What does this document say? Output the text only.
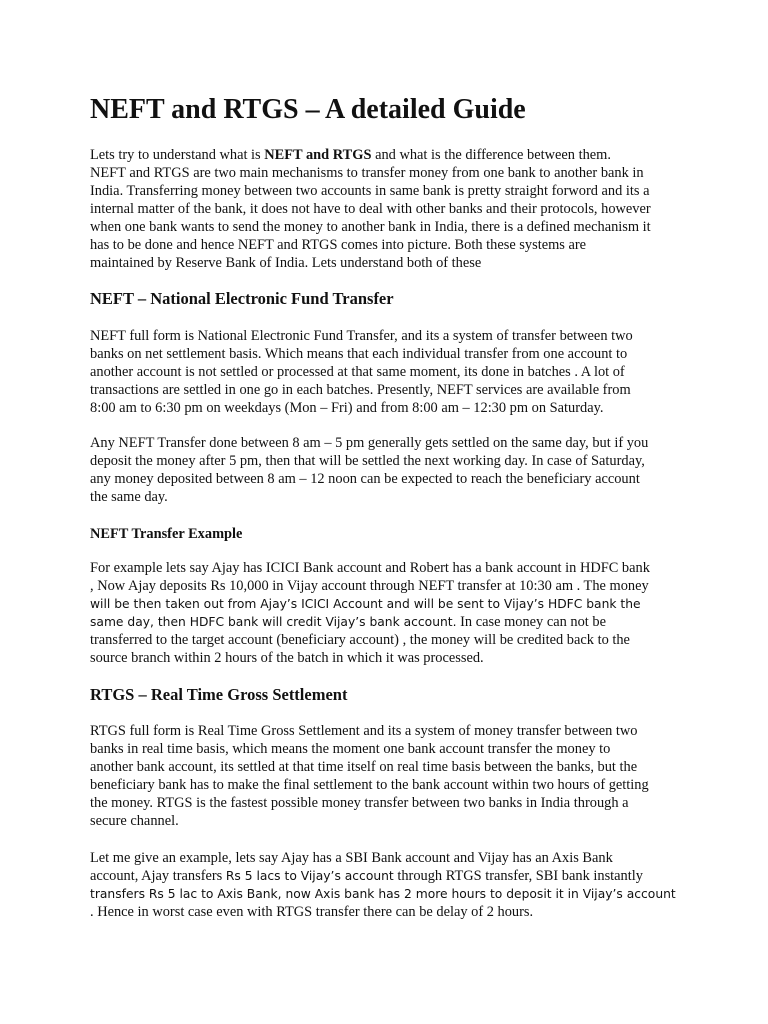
NEFT and RTGS – A detailed Guide
Lets try to understand what is NEFT and RTGS and what is the difference between them.
NEFT and RTGS are two main mechanisms to transfer money from one bank to another bank in
India. Transferring money between two accounts in same bank is pretty straight forword and its a
internal matter of the bank, it does not have to deal with other banks and their protocols, however
when one bank wants to send the money to another bank in India, there is a defined mechanism it
has to be done and hence NEFT and RTGS comes into picture. Both these systems are
maintained by Reserve Bank of India. Lets understand both of these
NEFT – National Electronic Fund Transfer
NEFT full form is National Electronic Fund Transfer, and its a system of transfer between two
banks on net settlement basis. Which means that each individual transfer from one account to
another account is not settled or processed at that same moment, its done in batches . A lot of
transactions are settled in one go in each batches. Presently, NEFT services are available from
8:00 am to 6:30 pm on weekdays (Mon – Fri) and from 8:00 am – 12:30 pm on Saturday.
Any NEFT Transfer done between 8 am – 5 pm generally gets settled on the same day, but if you
deposit the money after 5 pm, then that will be settled the next working day. In case of Saturday,
any money deposited between 8 am – 12 noon can be expected to reach the beneficiary account
the same day.
NEFT Transfer Example
For example lets say Ajay has ICICI Bank account and Robert has a bank account in HDFC bank
, Now Ajay deposits Rs 10,000 in Vijay account through NEFT transfer at 10:30 am . The money
will be then taken out from Ajay’s ICICI Account and will be sent to Vijay’s HDFC bank the
same day, then HDFC bank will credit Vijay’s bank account. In case money can not be
transferred to the target account (beneficiary account) , the money will be credited back to the
source branch within 2 hours of the batch in which it was processed.
RTGS – Real Time Gross Settlement
RTGS full form is Real Time Gross Settlement and its a system of money transfer between two
banks in real time basis, which means the moment one bank account transfer the money to
another bank account, its settled at that time itself on real time basis between the banks, but the
beneficiary bank has to make the final settlement to the bank account within two hours of getting
the money. RTGS is the fastest possible money transfer between two banks in India through a
secure channel.
Let me give an example, lets say Ajay has a SBI Bank account and Vijay has an Axis Bank
account, Ajay transfers Rs 5 lacs to Vijay’s account through RTGS transfer, SBI bank instantly
transfers Rs 5 lac to Axis Bank, now Axis bank has 2 more hours to deposit it in Vijay’s account
. Hence in worst case even with RTGS transfer there can be delay of 2 hours.
